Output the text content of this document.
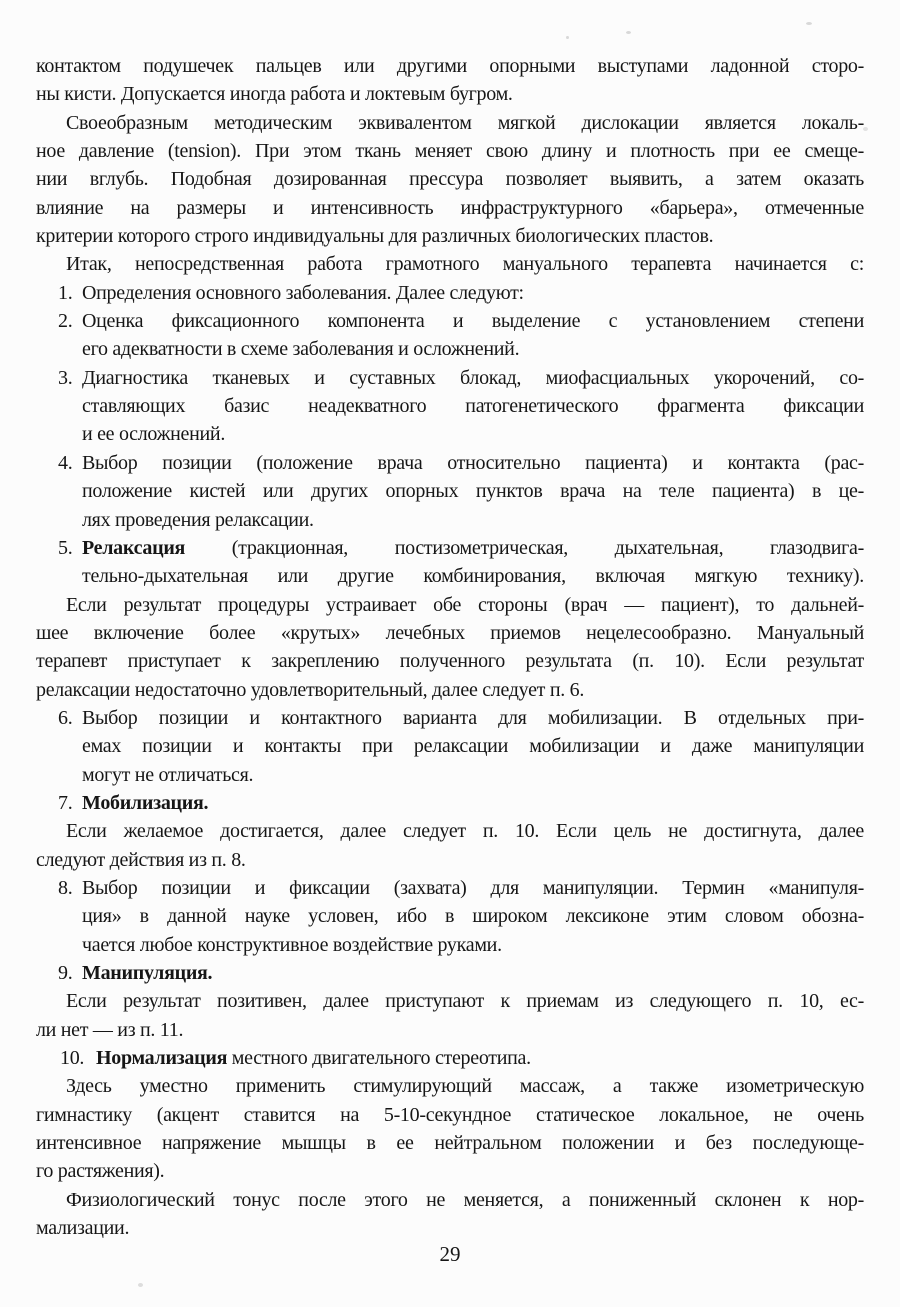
контактом подушечек пальцев или другими опорными выступами ладонной сторо-
ны кисти. Допускается иногда работа и локтевым бугром.
Своеобразным методическим эквивалентом мягкой дислокации является локаль-
ное давление (tension). При этом ткань меняет свою длину и плотность при ее смеще-
нии вглубь. Подобная дозированная прессура позволяет выявить, а затем оказать
влияние на размеры и интенсивность инфраструктурного «барьера», отмеченные
критерии которого строго индивидуальны для различных биологических пластов.
Итак, непосредственная работа грамотного мануального терапевта начинается с:
1. Определения основного заболевания. Далее следуют:
2. Оценка фиксационного компонента и выделение с установлением степени
его адекватности в схеме заболевания и осложнений.
3. Диагностика тканевых и суставных блокад, миофасциальных укорочений, со-
ставляющих базис неадекватного патогенетического фрагмента фиксации
и ее осложнений.
4. Выбор позиции (положение врача относительно пациента) и контакта (рас-
положение кистей или других опорных пунктов врача на теле пациента) в це-
лях проведения релаксации.
5. Релаксация (тракционная, постизометрическая, дыхательная, глазодвига-
тельно-дыхательная или другие комбинирования, включая мягкую технику).
Если результат процедуры устраивает обе стороны (врач — пациент), то дальней-
шее включение более «крутых» лечебных приемов нецелесообразно. Мануальный
терапевт приступает к закреплению полученного результата (п. 10). Если результат
релаксации недостаточно удовлетворительный, далее следует п. 6.
6. Выбор позиции и контактного варианта для мобилизации. В отдельных при-
емах позиции и контакты при релаксации мобилизации и даже манипуляции
могут не отличаться.
7. Мобилизация.
Если желаемое достигается, далее следует п. 10. Если цель не достигнута, далее
следуют действия из п. 8.
8. Выбор позиции и фиксации (захвата) для манипуляции. Термин «манипуля-
ция» в данной науке условен, ибо в широком лексиконе этим словом обозна-
чается любое конструктивное воздействие руками.
9. Манипуляция.
Если результат позитивен, далее приступают к приемам из следующего п. 10, ес-
ли нет — из п. 11.
10. Нормализация местного двигательного стереотипа.
Здесь уместно применить стимулирующий массаж, а также изометрическую
гимнастику (акцент ставится на 5-10-секундное статическое локальное, не очень
интенсивное напряжение мышцы в ее нейтральном положении и без последующе-
го растяжения).
Физиологический тонус после этого не меняется, а пониженный склонен к нор-
мализации.
29
